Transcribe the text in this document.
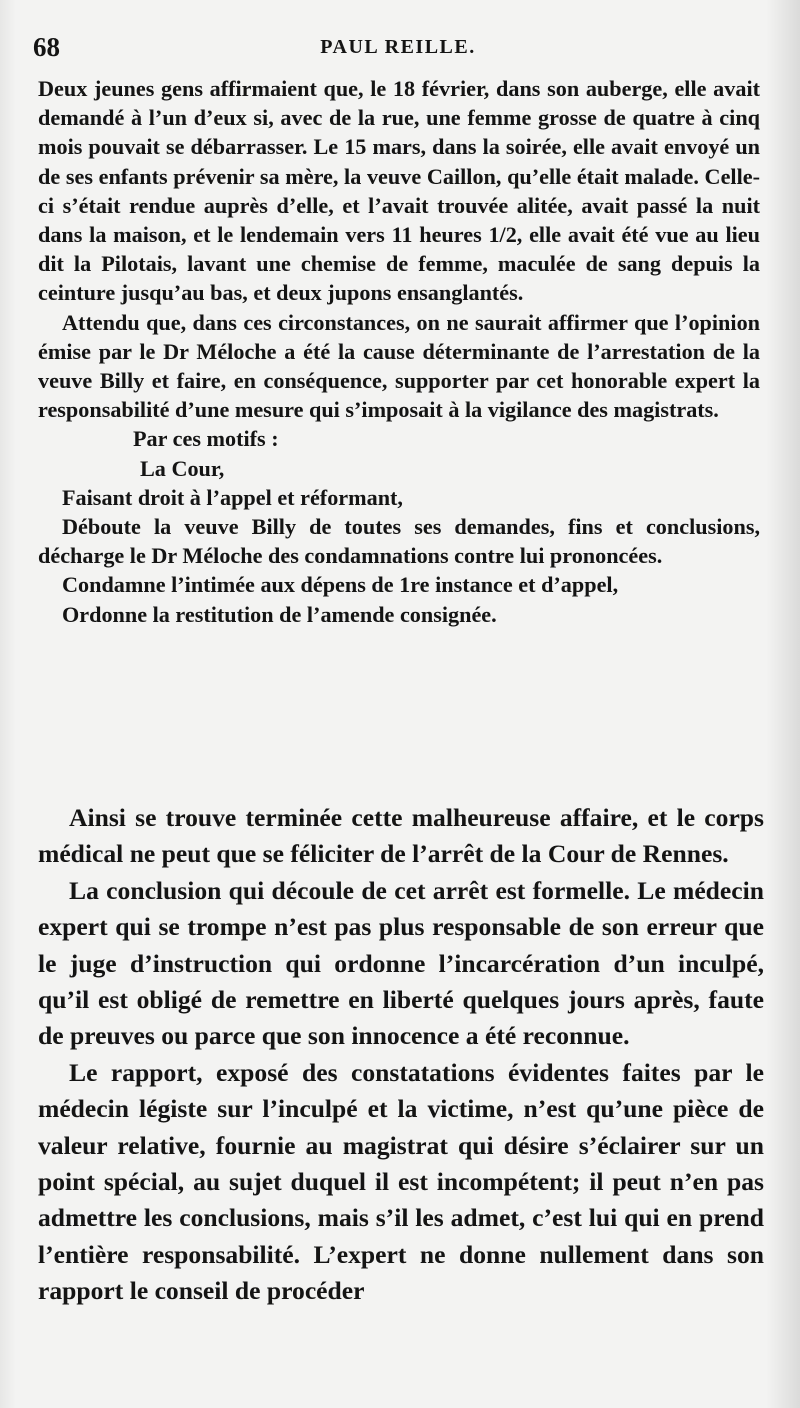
68	PAUL REILLE.

Deux jeunes gens affirmaient que, le 18 février, dans son auberge, elle avait demandé à l’un d’eux si, avec de la rue, une femme grosse de quatre à cinq mois pouvait se débarrasser. Le 15 mars, dans la soirée, elle avait envoyé un de ses enfants prévenir sa mère, la veuve Caillon, qu’elle était malade. Celle-ci s’était rendue auprès d’elle, et l’avait trouvée alitée, avait passé la nuit dans la maison, et le lendemain vers 11 heures 1/2, elle avait été vue au lieu dit la Pilotais, lavant une chemise de femme, maculée de sang depuis la ceinture jusqu’au bas, et deux jupons ensanglantés.

Attendu que, dans ces circonstances, on ne saurait affirmer que l’opinion émise par le Dr Méloche a été la cause déterminante de l’arrestation de la veuve Billy et faire, en conséquence, supporter par cet honorable expert la responsabilité d’une mesure qui s’imposait à la vigilance des magistrats.

Par ces motifs :

La Cour,

Faisant droit à l’appel et réformant,

Déboute la veuve Billy de toutes ses demandes, fins et conclusions, décharge le Dr Méloche des condamnations contre lui prononcées.

Condamne l’intimée aux dépens de 1re instance et d’appel,

Ordonne la restitution de l’amende consignée.

Ainsi se trouve terminée cette malheureuse affaire, et le corps médical ne peut que se féliciter de l’arrêt de la Cour de Rennes.

La conclusion qui découle de cet arrêt est formelle. Le médecin expert qui se trompe n’est pas plus responsable de son erreur que le juge d’instruction qui ordonne l’incarcération d’un inculpé, qu’il est obligé de remettre en liberté quelques jours après, faute de preuves ou parce que son innocence a été reconnue.

Le rapport, exposé des constatations évidentes faites par le médecin légiste sur l’inculpé et la victime, n’est qu’une pièce de valeur relative, fournie au magistrat qui désire s’éclairer sur un point spécial, au sujet duquel il est incompétent; il peut n’en pas admettre les conclusions, mais s’il les admet, c’est lui qui en prend l’entière responsabilité. L’expert ne donne nullement dans son rapport le conseil de procéder
